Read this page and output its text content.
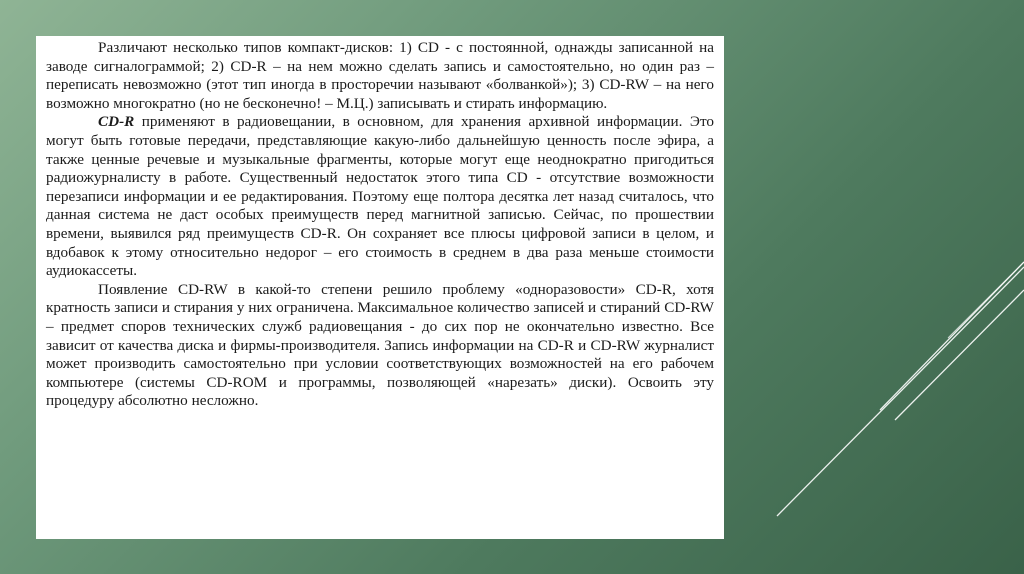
Различают несколько типов компакт-дисков: 1) CD - с постоянной, однажды записанной на заводе сигналограммой; 2) CD-R – на нем можно сделать запись и самостоятельно, но один раз – переписать невозможно (этот тип иногда в просторечии называют «болванкой»); 3) CD-RW – на него возможно многократно (но не бесконечно! – М.Ц.) записывать и стирать информацию.

CD-R применяют в радиовещании, в основном, для хранения архивной информации. Это могут быть готовые передачи, представляющие какую-либо дальнейшую ценность после эфира, а также ценные речевые и музыкальные фрагменты, которые могут еще неоднократно пригодиться радиожурналисту в работе. Существенный недостаток этого типа CD - отсутствие возможности перезаписи информации и ее редактирования. Поэтому еще полтора десятка лет назад считалось, что данная система не даст особых преимуществ перед магнитной записью. Сейчас, по прошествии времени, выявился ряд преимуществ CD-R. Он сохраняет все плюсы цифровой записи в целом, и вдобавок к этому относительно недорог – его стоимость в среднем в два раза меньше стоимости аудиокассеты.

Появление CD-RW в какой-то степени решило проблему «одноразовости» CD-R, хотя кратность записи и стирания у них ограничена. Максимальное количество записей и стираний CD-RW – предмет споров технических служб радиовещания - до сих пор не окончательно известно. Все зависит от качества диска и фирмы-производителя. Запись информации на CD-R и CD-RW журналист может производить самостоятельно при условии соответствующих возможностей на его рабочем компьютере (системы CD-ROM и программы, позволяющей «нарезать» диски). Освоить эту процедуру абсолютно несложно.
